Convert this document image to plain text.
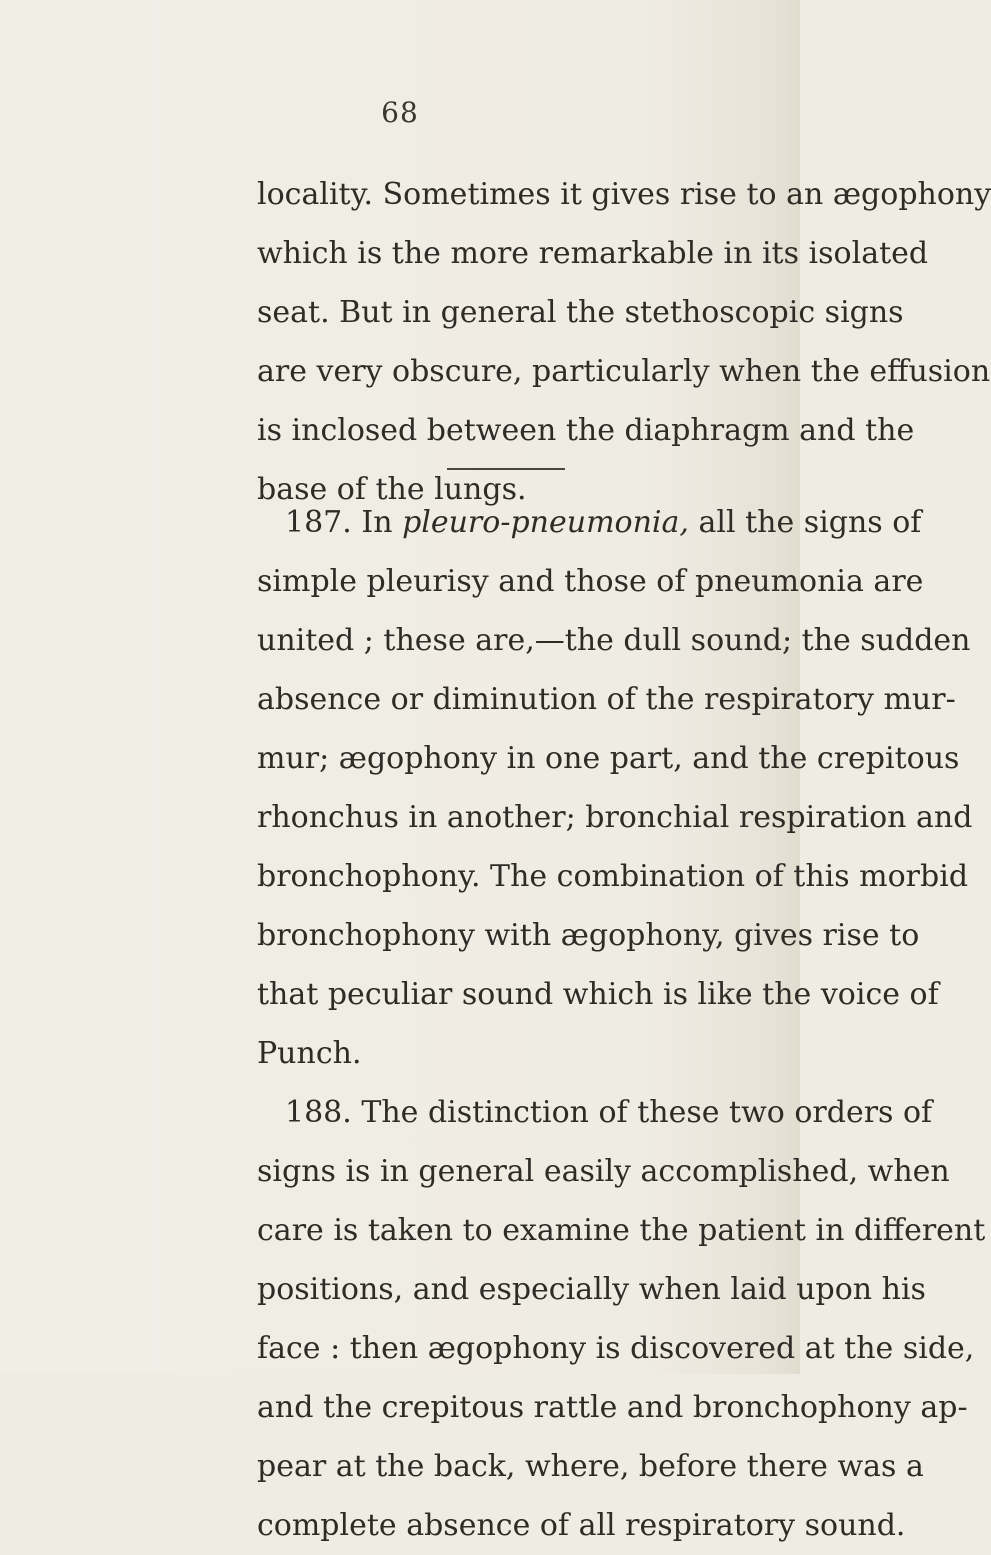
68
locality. Sometimes it gives rise to an ægophony
which is the more remarkable in its isolated
seat. But in general the stethoscopic signs
are very obscure, particularly when the effusion
is inclosed between the diaphragm and the
base of the lungs.
187. In pleuro-pneumonia, all the signs of
simple pleurisy and those of pneumonia are
united ; these are,—the dull sound; the sudden
absence or diminution of the respiratory mur-
mur; ægophony in one part, and the crepitous
rhonchus in another; bronchial respiration and
bronchophony. The combination of this morbid
bronchophony with ægophony, gives rise to
that peculiar sound which is like the voice of
Punch.
188. The distinction of these two orders of
signs is in general easily accomplished, when
care is taken to examine the patient in different
positions, and especially when laid upon his
face : then ægophony is discovered at the side,
and the crepitous rattle and bronchophony ap-
pear at the back, where, before there was a
complete absence of all respiratory sound.
